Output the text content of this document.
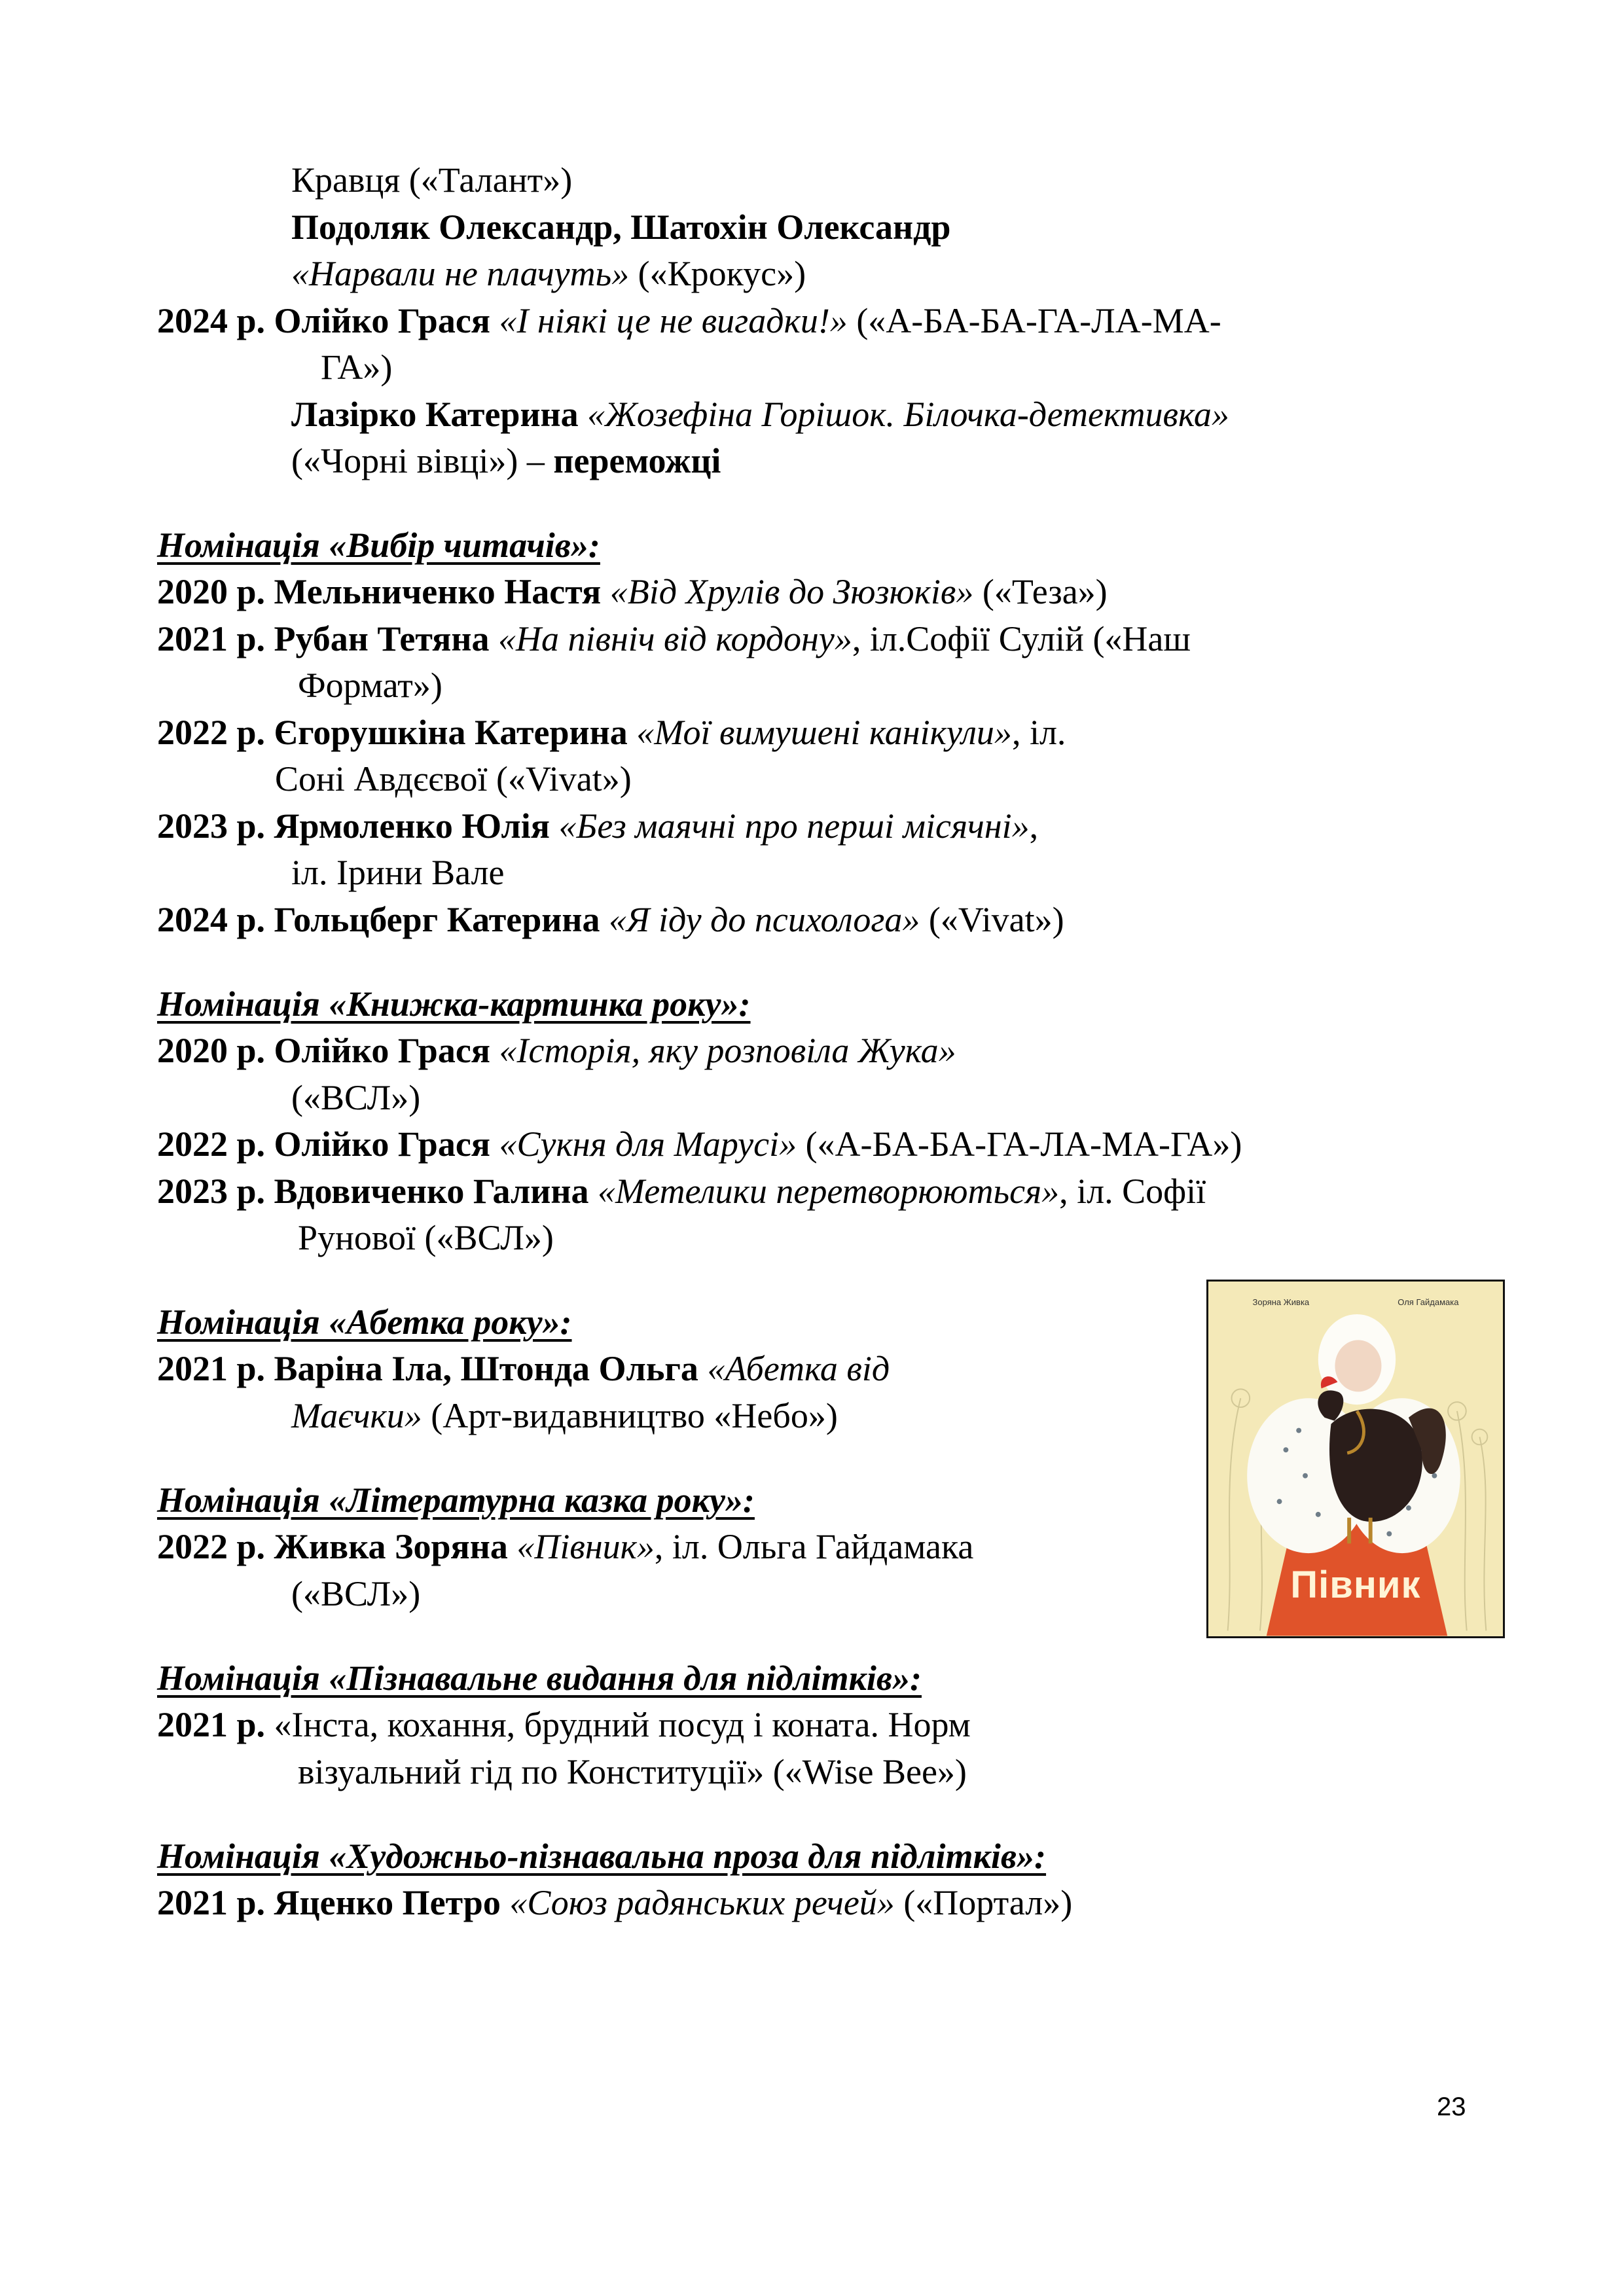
Кравця («Талант»)
Подоляк Олександр, Шатохін Олександр
«Нарвали не плачуть» («Крокус»)
2024 р. Олійко Грася «І ніякі це не вигадки!» («А-БА-БА-ГА-ЛА-МА-
ГА»)
Лазірко Катерина «Жозефіна Горішок. Білочка-детективка»
(«Чорні вівці») – переможці
Номінація «Вибір читачів»:
2020 р. Мельниченко Настя «Від Хрулів до Зюзюків» («Теза»)
2021 р. Рубан Тетяна «На північ від кордону», іл.Софії Сулій («Наш
Формат»)
2022 р. Єгорушкіна Катерина «Мої вимушені канікули», іл.
Соні Авдєєвої («Vivat»)
2023 р. Ярмоленко Юлія «Без маячні про перші місячні»,
іл. Ірини Вале
2024 р. Гольцберг Катерина «Я іду до психолога» («Vivat»)
Номінація «Книжка-картинка року»:
2020 р. Олійко Грася «Історія, яку розповіла Жука»
(«ВСЛ»)
2022 р. Олійко Грася «Сукня для Марусі» («А-БА-БА-ГА-ЛА-МА-ГА»)
2023 р. Вдовиченко Галина «Метелики перетворюються», іл. Софії
Рунової («ВСЛ»)
Номінація «Абетка року»:
2021 р. Варіна Іла, Штонда Ольга «Абетка від
Маєчки» (Арт-видавництво «Небо»)
Номінація «Літературна казка року»:
2022 р. Живка Зоряна «Півник», іл. Ольга Гайдамака
(«ВСЛ»)
Номінація «Пізнавальне видання для підлітків»:
2021 р. «Інста, кохання, брудний посуд і коната. Норм
візуальний гід по Конституції» («Wise Bee»)
Номінація «Художньо-пізнавальна проза для підлітків»:
2021 р. Яценко Петро «Союз радянських речей» («Портал»)
Зоряна Живка	Оля Гайдамака
Півник
23
